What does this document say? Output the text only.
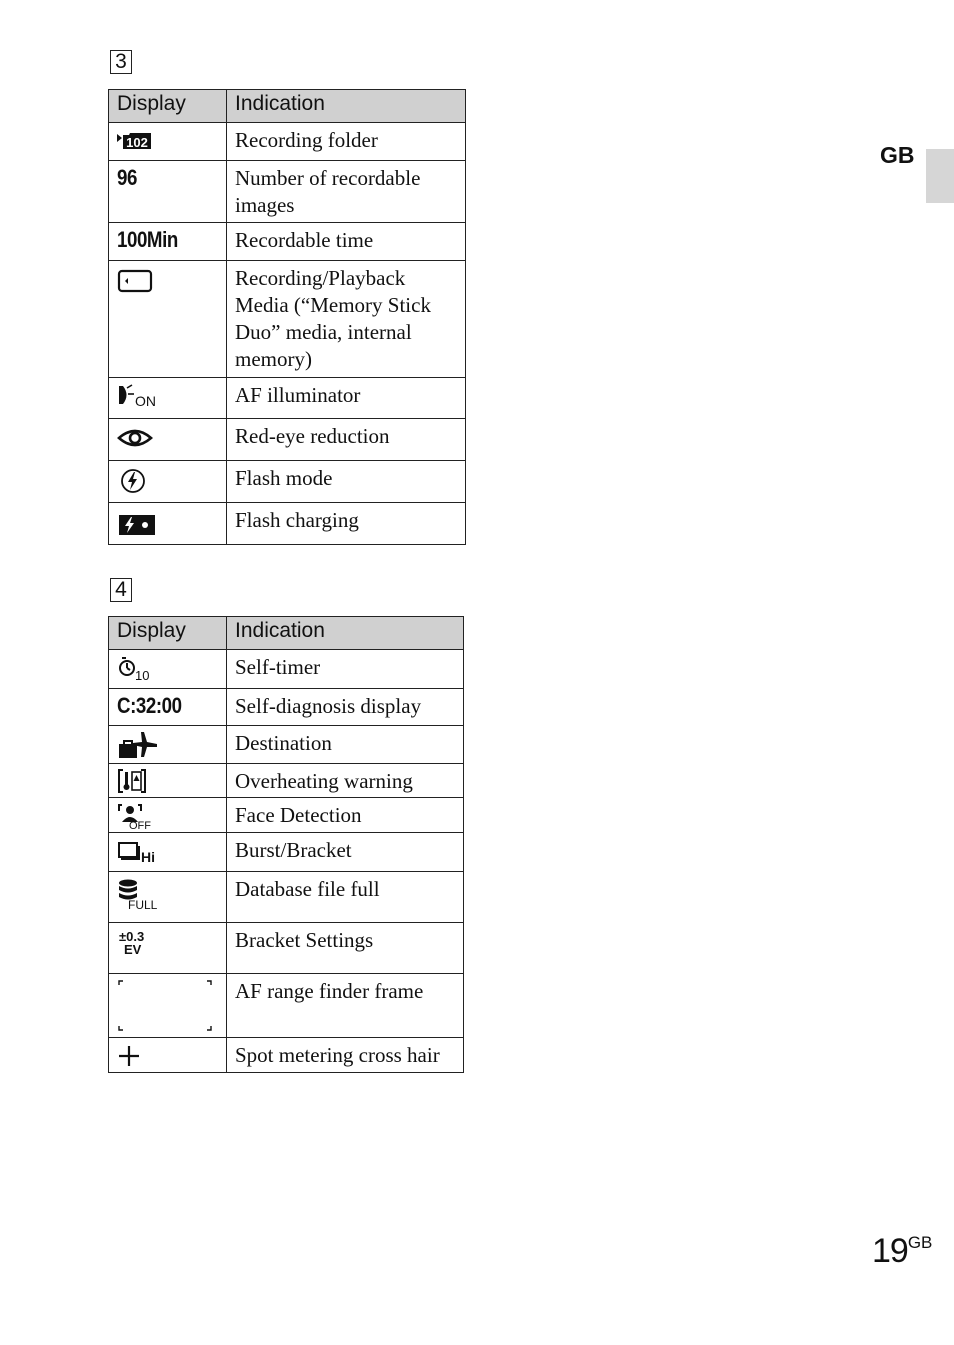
3
Display	Indication

102	Recording folder
96	Number of recordable images
100Min	Recordable time

	Recording/Playback Media (“Memory Stick Duo” media, internal memory)

ON	AF illuminator

	Red-eye reduction

	Flash mode

	Flash charging
4
Display	Indication

10	Self-timer
C:32:00	Self-diagnosis display

	Destination

	Overheating warning

OFF	Face Detection

Hi	Burst/Bracket

FULL	Database file full

±0.3
EV	Bracket Settings

	AF range finder frame

	Spot metering cross hair
GB
$19^{GB}$
